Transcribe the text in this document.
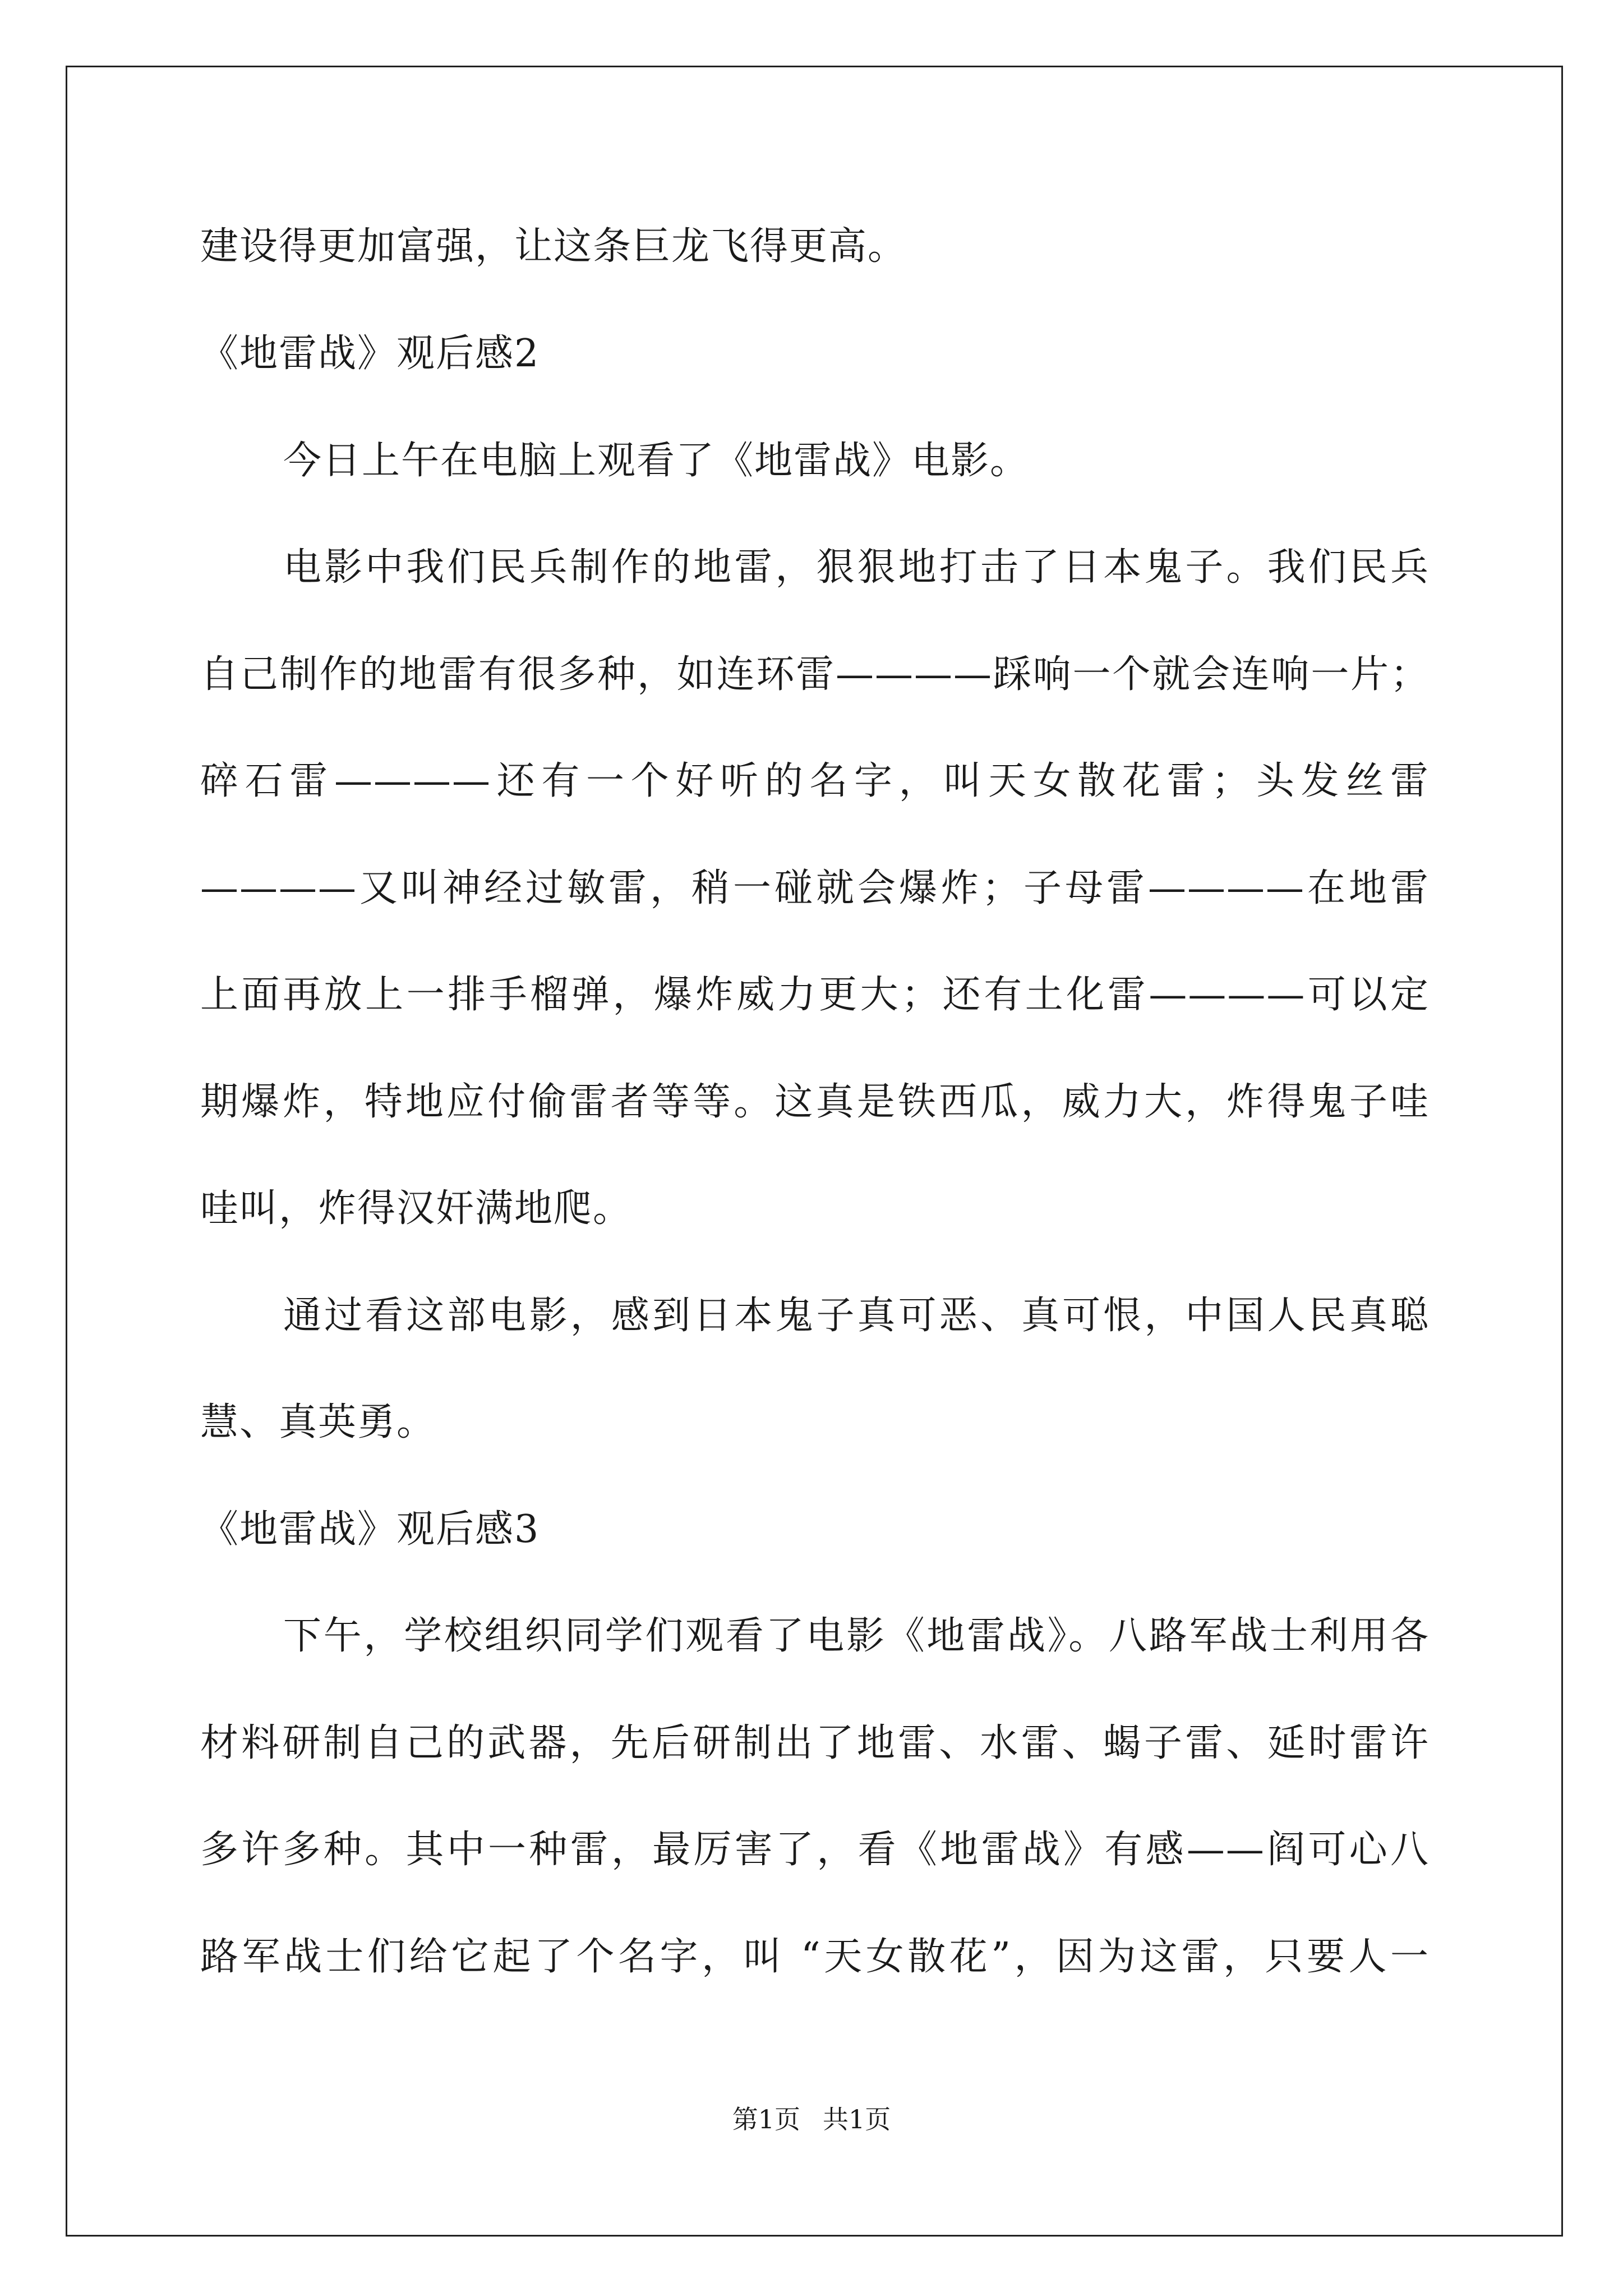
建设得更加富强，让这条巨龙飞得更高。
《地雷战》观后感2
今日上午在电脑上观看了《地雷战》电影。
电影中我们民兵制作的地雷，狠狠地打击了日本鬼子。我们民兵
自己制作的地雷有很多种，如连环雷————踩响一个就会连响一片；
碎石雷————还有一个好听的名字，叫天女散花雷；头发丝雷
————又叫神经过敏雷，稍一碰就会爆炸；子母雷————在地雷
上面再放上一排手榴弹，爆炸威力更大；还有土化雷————可以定
期爆炸，特地应付偷雷者等等。这真是铁西瓜，威力大，炸得鬼子哇
哇叫，炸得汉奸满地爬。
通过看这部电影，感到日本鬼子真可恶、真可恨，中国人民真聪
慧、真英勇。
《地雷战》观后感3
下午，学校组织同学们观看了电影《地雷战》。八路军战士利用各
材料研制自己的武器，先后研制出了地雷、水雷、蝎子雷、延时雷许
多许多种。其中一种雷，最厉害了，看《地雷战》有感——阎可心八
路军战士们给它起了个名字，叫 “天女散花”，因为这雷，只要人一
第1页 共1页
